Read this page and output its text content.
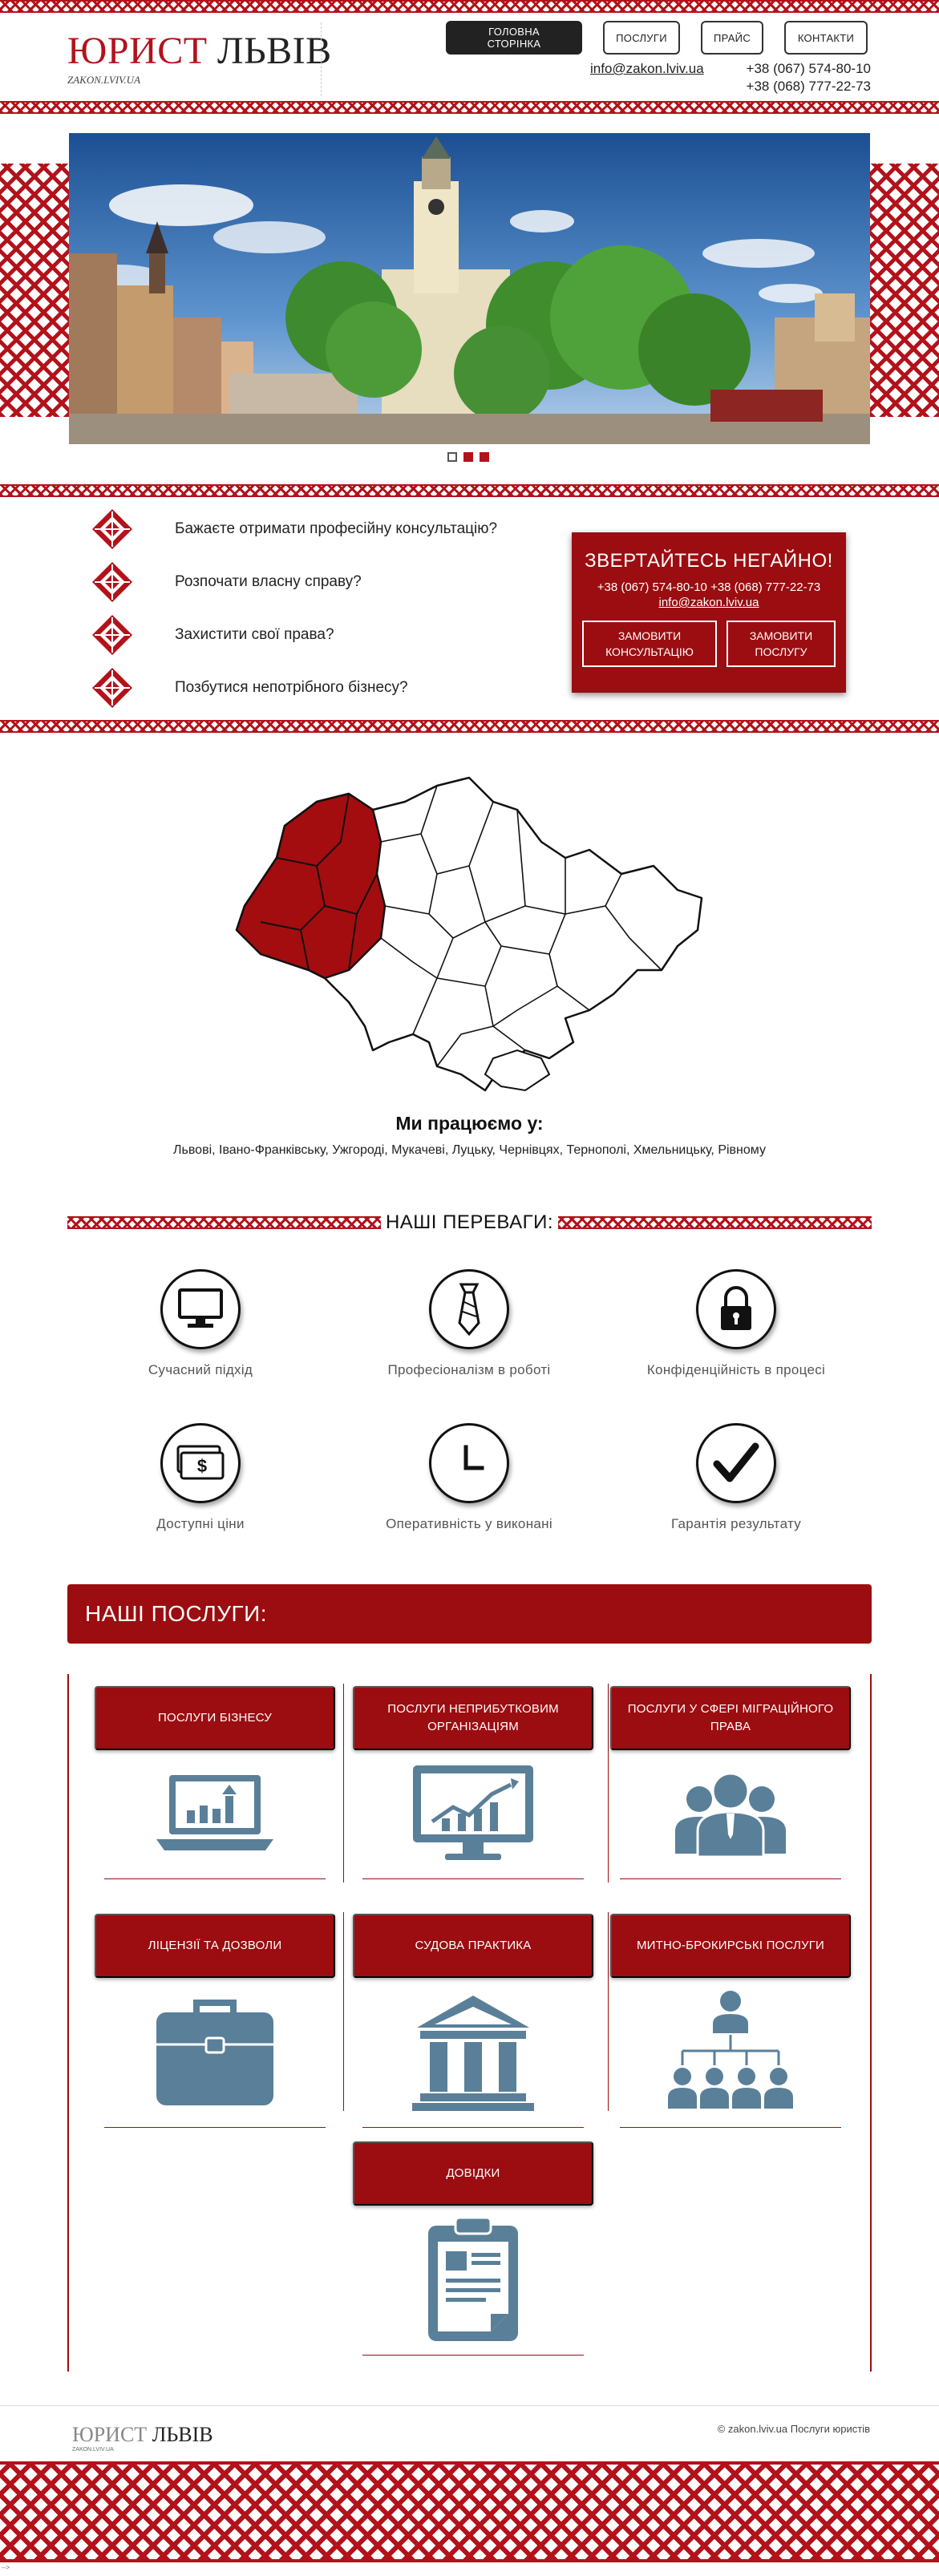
ЮРИСТ ЛЬВІВ
ZAKON.LVIV.UA
ГОЛОВНА СТОРІНКА	ПОСЛУГИ	ПРАЙС	КОНТАКТИ
info@zakon.lviv.ua	+38 (067) 574-80-10
+38 (068) 777-22-73
Бажаєте отримати професійну консультацію?
Розпочати власну справу?
Захистити свої права?
Позбутися непотрібного бізнесу?
ЗВЕРТАЙТЕСЬ НЕГАЙНО!
+38 (067) 574-80-10 +38 (068) 777-22-73
info@zakon.lviv.ua
ЗАМОВИТИ КОНСУЛЬТАЦІЮ
ЗАМОВИТИ ПОСЛУГУ
Ми працюємо у:
Львові, Івано-Франківську, Ужгороді, Мукачеві, Луцьку, Чернівцях, Тернополі, Хмельницьку, Рівному
НАШІ ПЕРЕВАГИ:
Сучасний підхід	Професіоналізм в роботі	Конфіденційність в процесі
$
Доступні ціни	Оперативність у виконані	Гарантія результату
НАШІ ПОСЛУГИ:
ПОСЛУГИ БІЗНЕСУ
ПОСЛУГИ НЕПРИБУТКОВИМ ОРГАНІЗАЦІЯМ
ПОСЛУГИ У СФЕРІ МІГРАЦІЙНОГО ПРАВА
ЛІЦЕНЗІЇ ТА ДОЗВОЛИ	СУДОВА ПРАКТИКА	МИТНО-БРОКИРСЬКІ ПОСЛУГИ
ДОВІДКИ
ЮРИСТ ЛЬВІВ
ZAKON.LVIV.UA
© zakon.lviv.ua Послуги юристів
-->
